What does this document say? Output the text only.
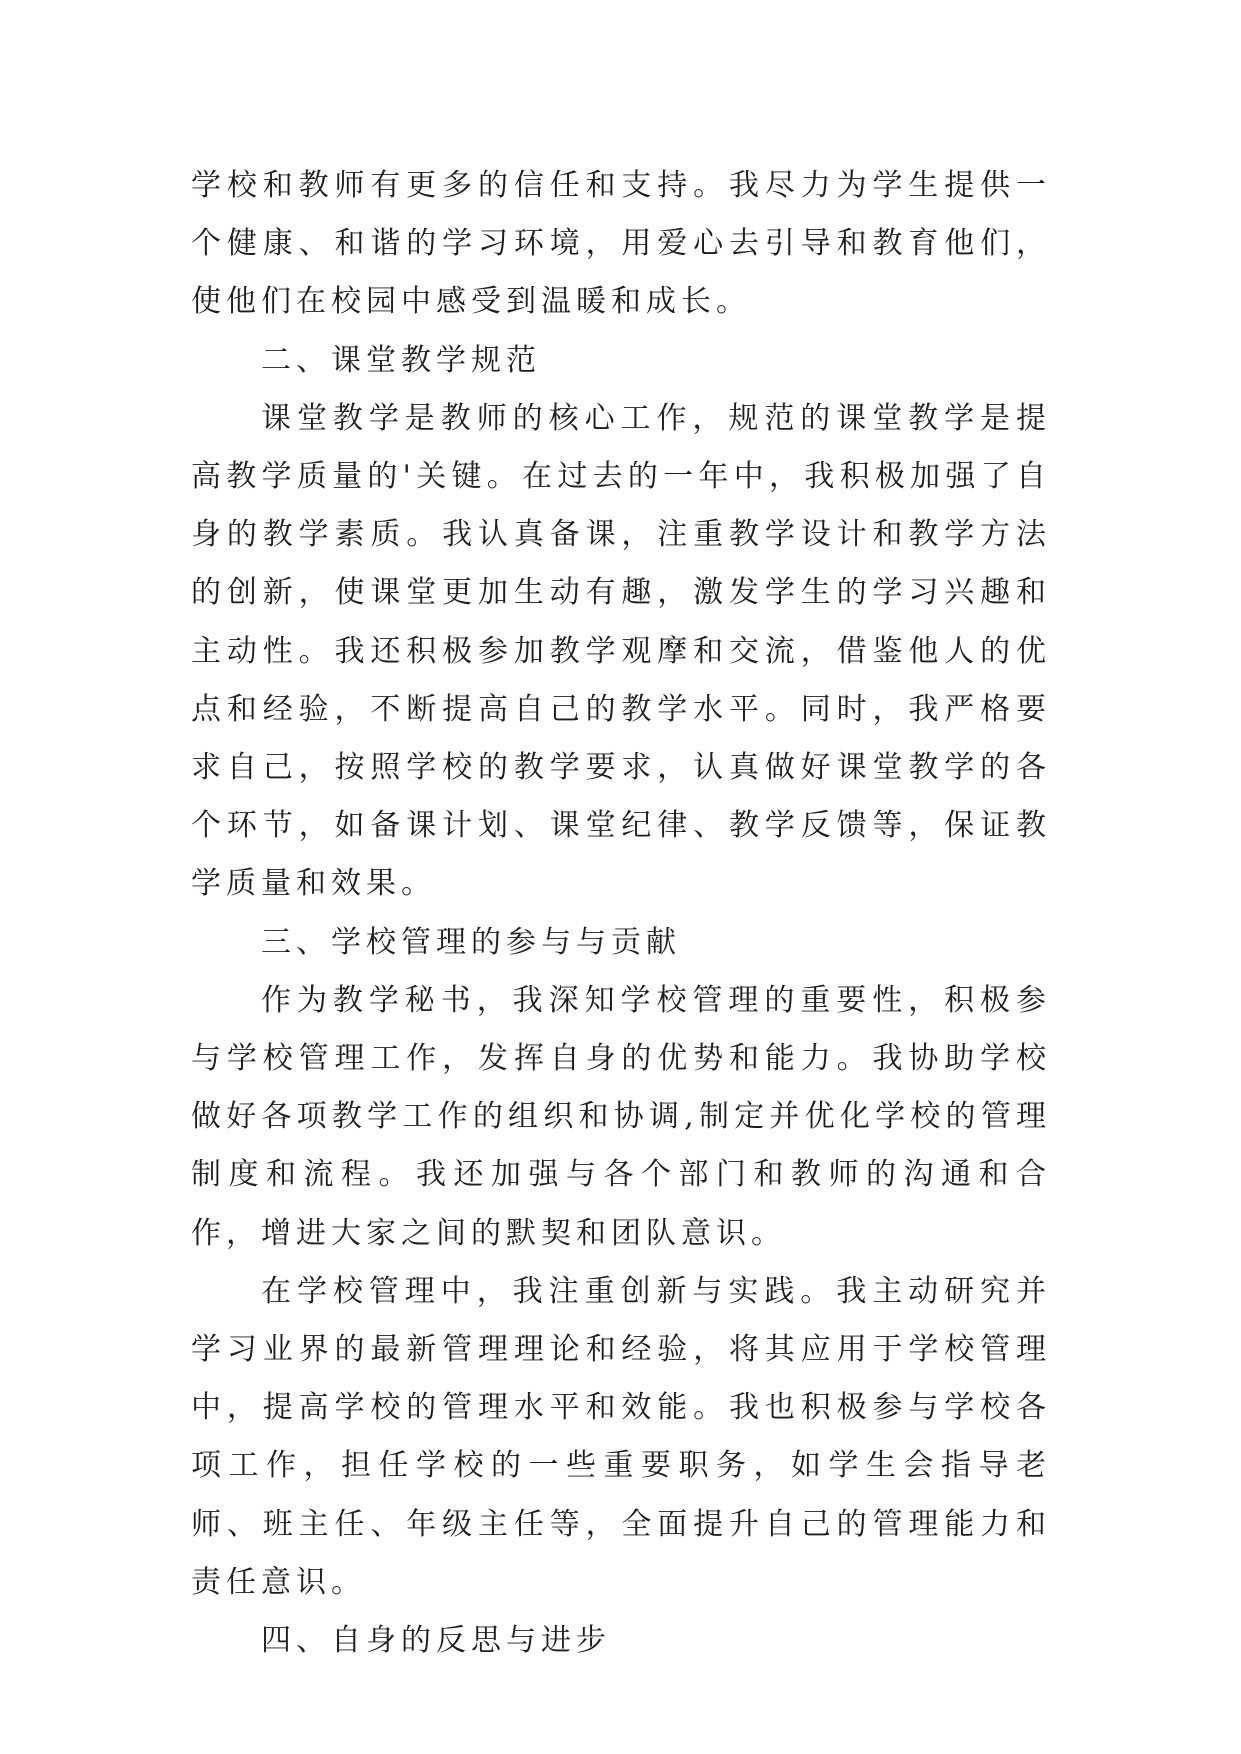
学校和教师有更多的信任和支持。我尽力为学生提供一个健康、和谐的学习环境，用爱心去引导和教育他们，使他们在校园中感受到温暖和成长。

二、课堂教学规范

课堂教学是教师的核心工作，规范的课堂教学是提高教学质量的'关键。在过去的一年中，我积极加强了自身的教学素质。我认真备课，注重教学设计和教学方法的创新，使课堂更加生动有趣，激发学生的学习兴趣和主动性。我还积极参加教学观摩和交流，借鉴他人的优点和经验，不断提高自己的教学水平。同时，我严格要求自己，按照学校的教学要求，认真做好课堂教学的各个环节，如备课计划、课堂纪律、教学反馈等，保证教学质量和效果。

三、学校管理的参与与贡献

作为教学秘书，我深知学校管理的重要性，积极参与学校管理工作，发挥自身的优势和能力。我协助学校做好各项教学工作的组织和协调,制定并优化学校的管理制度和流程。我还加强与各个部门和教师的沟通和合作，增进大家之间的默契和团队意识。

在学校管理中，我注重创新与实践。我主动研究并学习业界的最新管理理论和经验，将其应用于学校管理中，提高学校的管理水平和效能。我也积极参与学校各项工作，担任学校的一些重要职务，如学生会指导老师、班主任、年级主任等，全面提升自己的管理能力和责任意识。

四、自身的反思与进步
